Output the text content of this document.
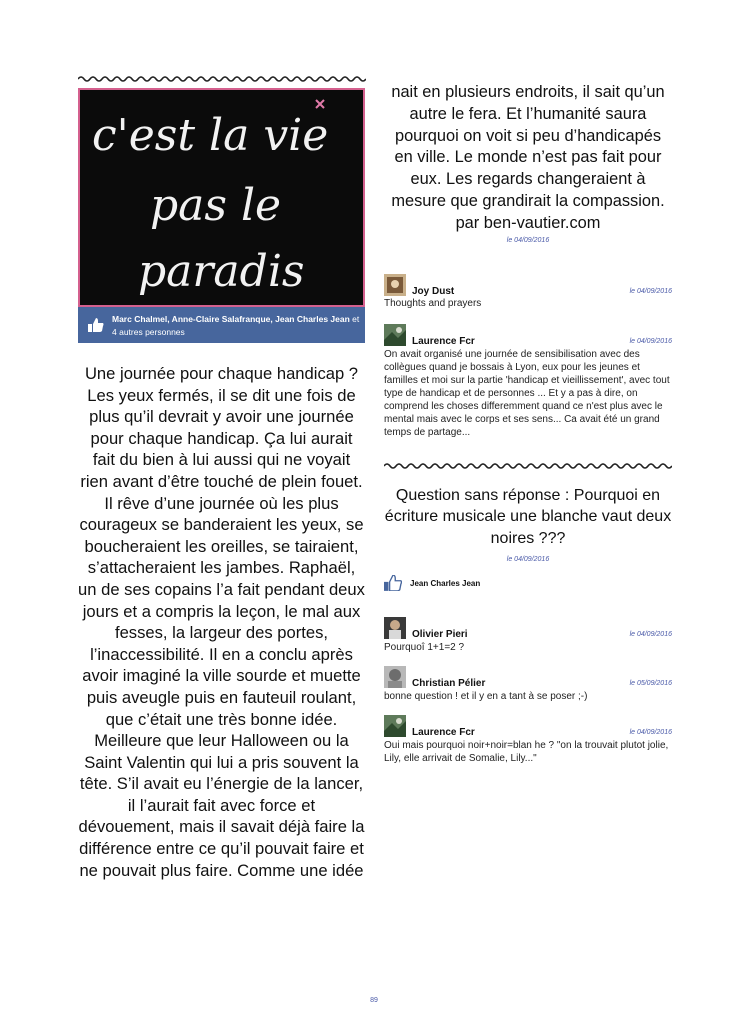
c'est la vie
pas le
paradis
Marc Chalmel, Anne-Claire Salafranque, Jean Charles Jean et 4 autres personnes
Une journée pour chaque handicap ? Les yeux fermés, il se dit une fois de plus qu’il devrait y avoir une journée pour chaque handicap. Ça lui aurait fait du bien à lui aussi qui ne voyait rien avant d’être touché de plein fouet. Il rêve d’une journée où les plus courageux se banderaient les yeux, se boucheraient les oreilles, se tairaient, s’attacheraient les jambes. Raphaël, un de ses copains l’a fait pendant deux jours et a compris la leçon, le mal aux fesses, la largeur des portes, l’inaccessibilité. Il en a conclu après avoir imaginé la ville sourde et muette puis aveugle puis en fauteuil roulant, que c’était une très bonne idée. Meilleure que leur Halloween ou la Saint Valentin qui lui a pris souvent la tête. S’il avait eu l’énergie de la lancer, il l’aurait fait avec force et dévouement, mais il savait déjà faire la différence entre ce qu’il pouvait faire et ne pouvait plus faire. Comme une idée
nait en plusieurs endroits, il sait qu’un autre le fera. Et l’humanité saura pourquoi on voit si peu d’handicapés en ville. Le monde n’est pas fait pour eux. Les regards changeraient à mesure que grandirait la compassion. par ben-vautier.com
le 04/09/2016
Joy Dust	le 04/09/2016
Thoughts and prayers
Laurence Fcr	le 04/09/2016
On avait organisé une journée de sensibilisation avec des collègues quand je bossais à Lyon, eux pour les jeunes et familles et moi sur la partie 'handicap et vieillissement', avec tout type de handicap et de personnes ... Et y a pas à dire, on comprend les choses differemment quand ce n'est plus avec le mental mais avec le corps et ses sens... Ca avait été un grand temps de partage...
Question sans réponse : Pourquoi en écriture musicale une blanche vaut deux noires ???
le 04/09/2016
Jean Charles Jean
Olivier Pieri	le 04/09/2016
Pourquoî 1+1=2 ?
Christian Pélier	le 05/09/2016
bonne question ! et il y en a tant à se poser ;-)
Laurence Fcr	le 04/09/2016
Oui mais pourquoi noir+noir=blan he ? "on la trouvait plutot jolie, Lily, elle arrivait de Somalie, Lily..."
89
